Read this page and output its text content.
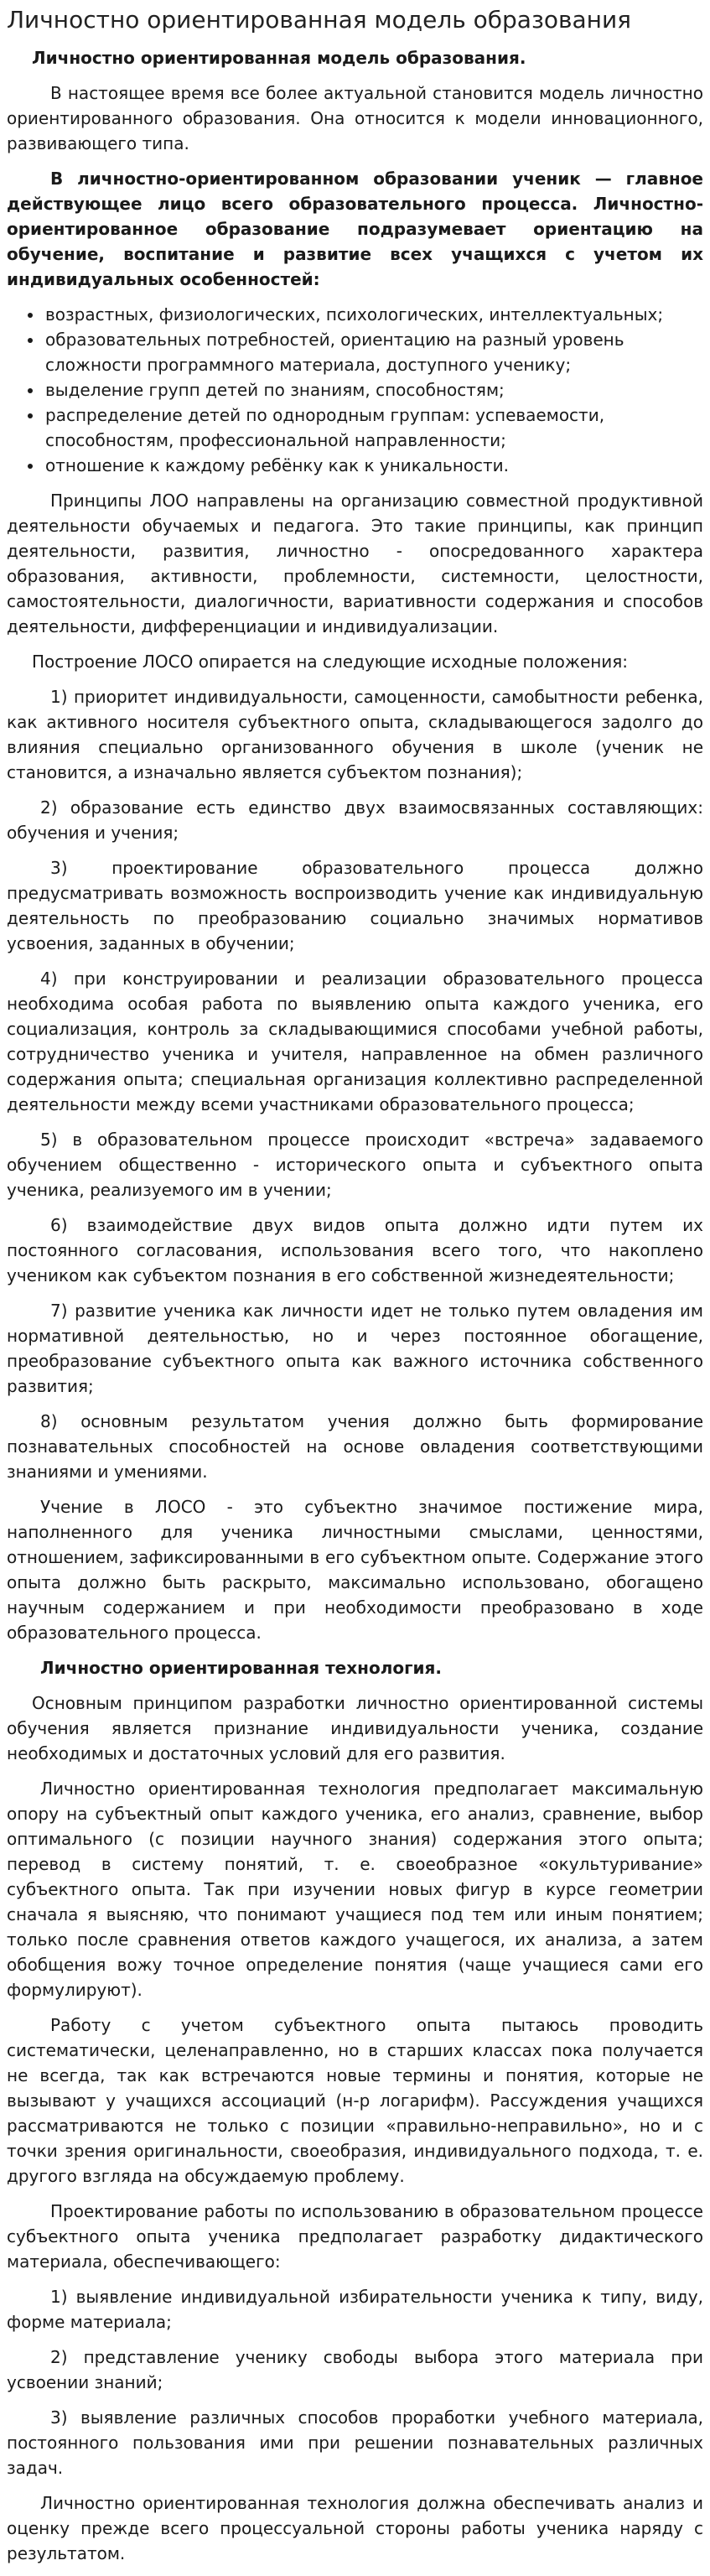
Личностно ориентированная модель образования

Личностно ориентированная модель образования.

В настоящее время все более актуальной становится модель личностно ориентированного образования. Она относится к модели инновационного, развивающего типа.

В личностно-ориентированном образовании ученик — главное действующее лицо всего образовательного процесса. Личностно-ориентированное образование подразумевает ориентацию на обучение, воспитание и развитие всех учащихся с учетом их индивидуальных особенностей:

• возрастных, физиологических, психологических, интеллектуальных;
• образовательных потребностей, ориентацию на разный уровень сложности программного материала, доступного ученику;
• выделение групп детей по знаниям, способностям;
• распределение детей по однородным группам: успеваемости, способностям, профессиональной направленности;
• отношение к каждому ребёнку как к уникальности.

Принципы ЛОО направлены на организацию совместной продуктивной деятельности обучаемых и педагога. Это такие принципы, как принцип деятельности, развития, личностно - опосредованного характера образования, активности, проблемности, системности, целостности, самостоятельности, диалогичности, вариативности содержания и способов деятельности, дифференциации и индивидуализации.

Построение ЛОСО опирается на следующие исходные положения:

1) приоритет индивидуальности, самоценности, самобытности ребенка, как активного носителя субъектного опыта, складывающегося задолго до влияния специально организованного обучения в школе (ученик не становится, а изначально является субъектом познания);

2) образование есть единство двух взаимосвязанных составляющих: обучения и учения;

3) проектирование образовательного процесса должно предусматривать возможность воспроизводить учение как индивидуальную деятельность по преобразованию социально значимых нормативов усвоения, заданных в обучении;

4) при конструировании и реализации образовательного процесса необходима особая работа по выявлению опыта каждого ученика, его социализация, контроль за складывающимися способами учебной работы, сотрудничество ученика и учителя, направленное на обмен различного содержания опыта; специальная организация коллективно распределенной деятельности между всеми участниками образовательного процесса;

5) в образовательном процессе происходит «встреча» задаваемого обучением общественно - исторического опыта и субъектного опыта ученика, реализуемого им в учении;

6) взаимодействие двух видов опыта должно идти путем их постоянного согласования, использования всего того, что накоплено учеником как субъектом познания в его собственной жизнедеятельности;

7) развитие ученика как личности идет не только путем овладения им нормативной деятельностью, но и через постоянное обогащение, преобразование субъектного опыта как важного источника собственного развития;

8) основным результатом учения должно быть формирование познавательных способностей на основе овладения соответствующими знаниями и умениями.

Учение в ЛОСО - это субъектно значимое постижение мира, наполненного для ученика личностными смыслами, ценностями, отношением, зафиксированными в его субъектном опыте. Содержание этого опыта должно быть раскрыто, максимально использовано, обогащено научным содержанием и при необходимости преобразовано в ходе образовательного процесса.

Личностно ориентированная технология.

Основным принципом разработки личностно ориентированной системы обучения является признание индивидуальности ученика, создание необходимых и достаточных условий для его развития.

Личностно ориентированная технология предполагает максимальную опору на субъектный опыт каждого ученика, его анализ, сравнение, выбор оптимального (с позиции научного знания) содержания этого опыта; перевод в систему понятий, т. е. своеобразное «окультуривание» субъектного опыта. Так при изучении новых фигур в курсе геометрии сначала я выясняю, что понимают учащиеся под тем или иным понятием; только после сравнения ответов каждого учащегося, их анализа, а затем обобщения вожу точное определение понятия (чаще учащиеся сами его формулируют).

Работу с учетом субъектного опыта пытаюсь проводить систематически, целенаправленно, но в старших классах пока получается не всегда, так как встречаются новые термины и понятия, которые не вызывают у учащихся ассоциаций (н-р логарифм). Рассуждения учащихся рассматриваются не только с позиции «правильно-неправильно», но и с точки зрения оригинальности, своеобразия, индивидуального подхода, т. е. другого взгляда на обсуждаемую проблему.

Проектирование работы по использованию в образовательном процессе субъектного опыта ученика предполагает разработку дидактического материала, обеспечивающего:

1) выявление индивидуальной избирательности ученика к типу, виду, форме материала;

2) представление ученику свободы выбора этого материала при усвоении знаний;

3) выявление различных способов проработки учебного материала, постоянного пользования ими при решении познавательных различных задач.

Личностно ориентированная технология должна обеспечивать анализ и оценку прежде всего процессуальной стороны работы ученика наряду с результатом.
